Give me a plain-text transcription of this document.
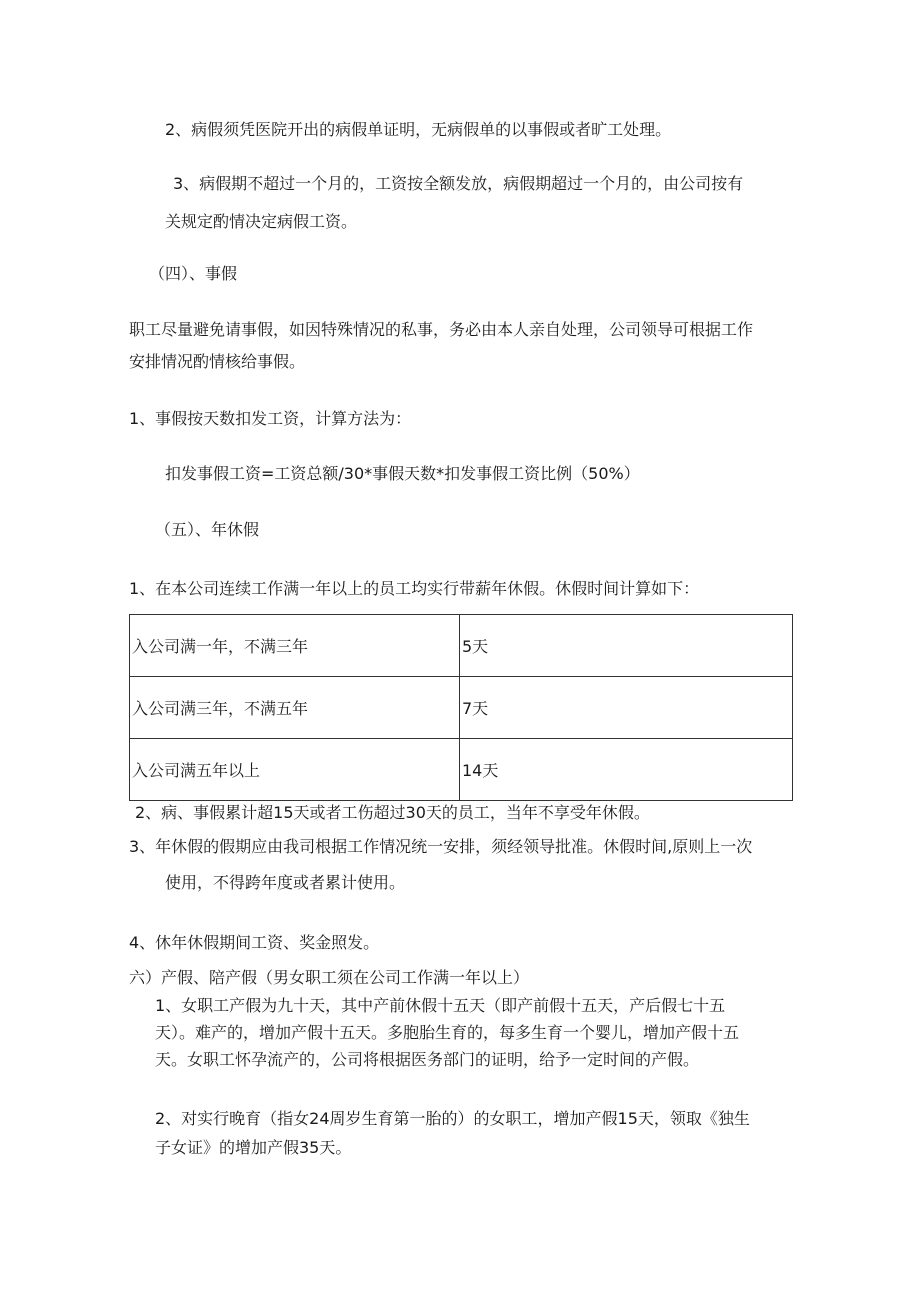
2、病假须凭医院开出的病假单证明，无病假单的以事假或者旷工处理。
3、病假期不超过一个月的，工资按全额发放，病假期超过一个月的，由公司按有
关规定酌情决定病假工资。
（四）、事假
职工尽量避免请事假，如因特殊情况的私事，务必由本人亲自处理，公司领导可根据工作
安排情况酌情核给事假。
1、事假按天数扣发工资，计算方法为：
扣发事假工资=工资总额/30*事假天数*扣发事假工资比例（50%）
（五）、年休假
1、在本公司连续工作满一年以上的员工均实行带薪年休假。休假时间计算如下：
入公司满一年，不满三年	5天
入公司满三年，不满五年	7天
入公司满五年以上	14天
2、病、事假累计超15天或者工伤超过30天的员工，当年不享受年休假。
3、年休假的假期应由我司根据工作情况统一安排，须经领导批准。休假时间,原则上一次
使用，不得跨年度或者累计使用。
4、休年休假期间工资、奖金照发。
六）产假、陪产假（男女职工须在公司工作满一年以上）
1、女职工产假为九十天，其中产前休假十五天（即产前假十五天，产后假七十五
天）。难产的，增加产假十五天。多胞胎生育的，每多生育一个婴儿，增加产假十五
天。女职工怀孕流产的，公司将根据医务部门的证明，给予一定时间的产假。
2、对实行晚育（指女24周岁生育第一胎的）的女职工，增加产假15天，领取《独生
子女证》的增加产假35天。
